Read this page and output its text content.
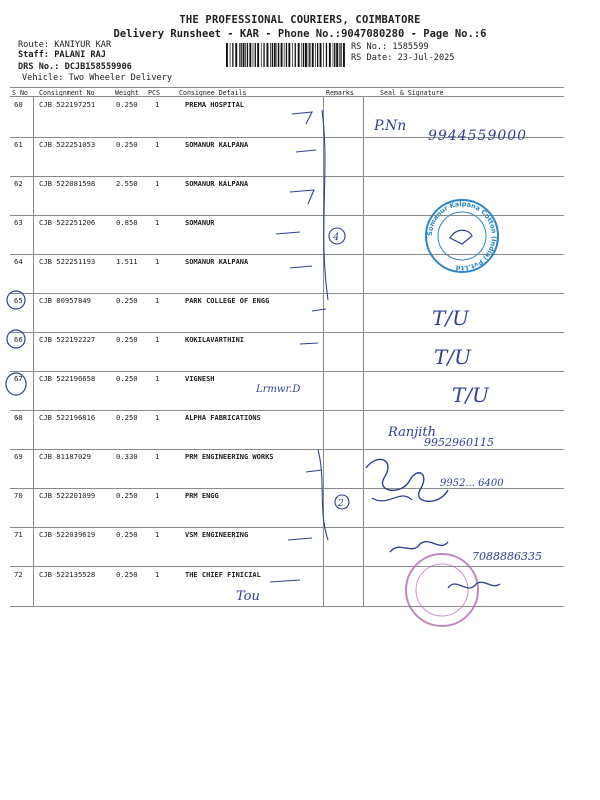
THE PROFESSIONAL COURIERS, COIMBATORE
Delivery Runsheet - KAR - Phone No.:9047080280 - Page No.:6
Route: KANIYUR KAR
Staff: PALANI RAJ
DRS No.: DCJB158559906
Vehicle: Two Wheeler Delivery
RS No.: 1585599
RS Date: 23-Jul-2025
S No Consignment No	Weight PCS	Consignee Details	Remarks	Seal & Signature
60 CJB 522197251	0.250 1	PREMA HOSPITAL
61 CJB 522251053	0.250 1	SOMANUR KALPANA
62 CJB 522081598	2.550 1	SOMANUR KALPANA
63 CJB 522251206	0.850 1	SOMANUR
64 CJB 522251193	1.511 1	SOMANUR KALPANA
65 CJB 80957849	0.250 1	PARK COLLEGE OF ENGG
66 CJB 522192227	0.250 1	KOKILAVARTHINI
67 CJB 522196658	0.250 1	VIGNESH
68 CJB 522196816	0.250 1	ALPHA FABRICATIONS
69 CJB 81187029	0.330 1	PRM ENGINEERING WORKS
70 CJB 522201099	0.250 1	PRM ENGG
71 CJB 522039619	0.250 1	VSM ENGINEERING
72 CJB 522135528	0.250 1	THE CHIEF FINICIAL
4
2
P.Nn
9944559000
Somanur Kalpana Cotton (India) Pvt.Ltd
T/U
T/U
T/U
Lrmwr.D
Ranjith
9952960115
9952... 6400
7088886335
Tou
